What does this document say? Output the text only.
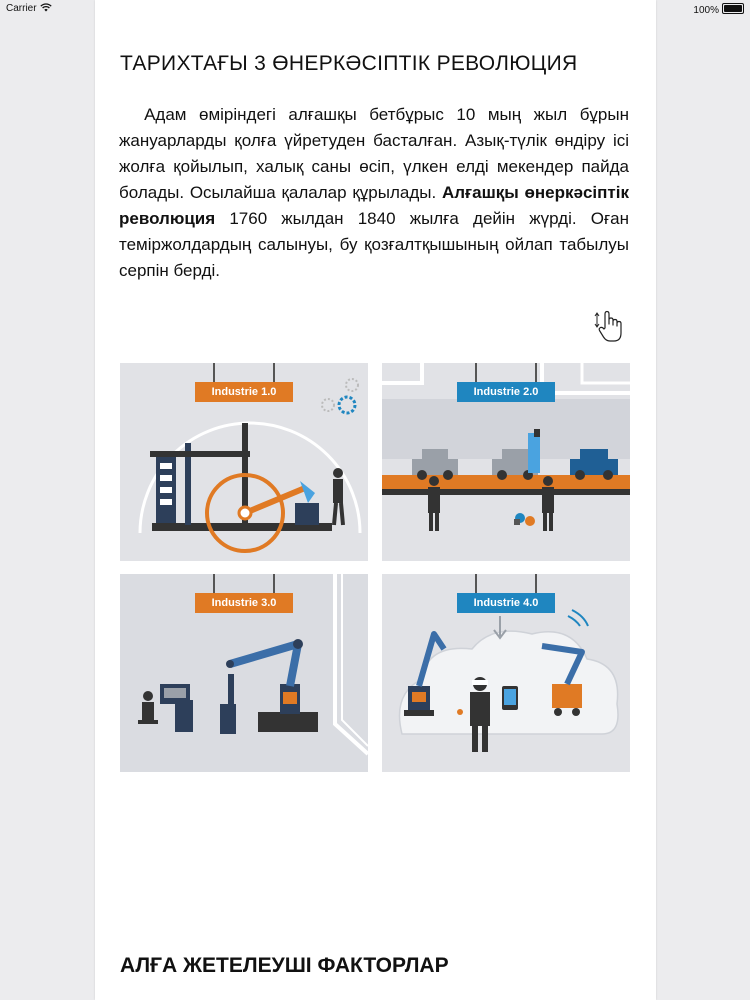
Carrier	100%
ТАРИХТАҒЫ 3 ӨНЕРКӘСІПТІК РЕВОЛЮЦИЯ

Адам өміріндегі алғашқы бетбұрыс 10 мың жыл бұрын жануарларды қолға үйретуден басталған. Азық-түлік өндіру ісі жолға қойылып, халық саны өсіп, үлкен елді мекендер пайда болады. Осылайша қалалар құрылады. Алғашқы өнеркәсіптік революция 1760 жылдан 1840 жылға дейін жүрді. Оған теміржолдардың салынуы, бу қозғалтқышының ойлап табылуы серпін берді.

Industrie 1.0	Industrie 2.0
Industrie 3.0	Industrie 4.0
АЛҒА ЖЕТЕЛЕУШІ ФАКТОРЛАР
